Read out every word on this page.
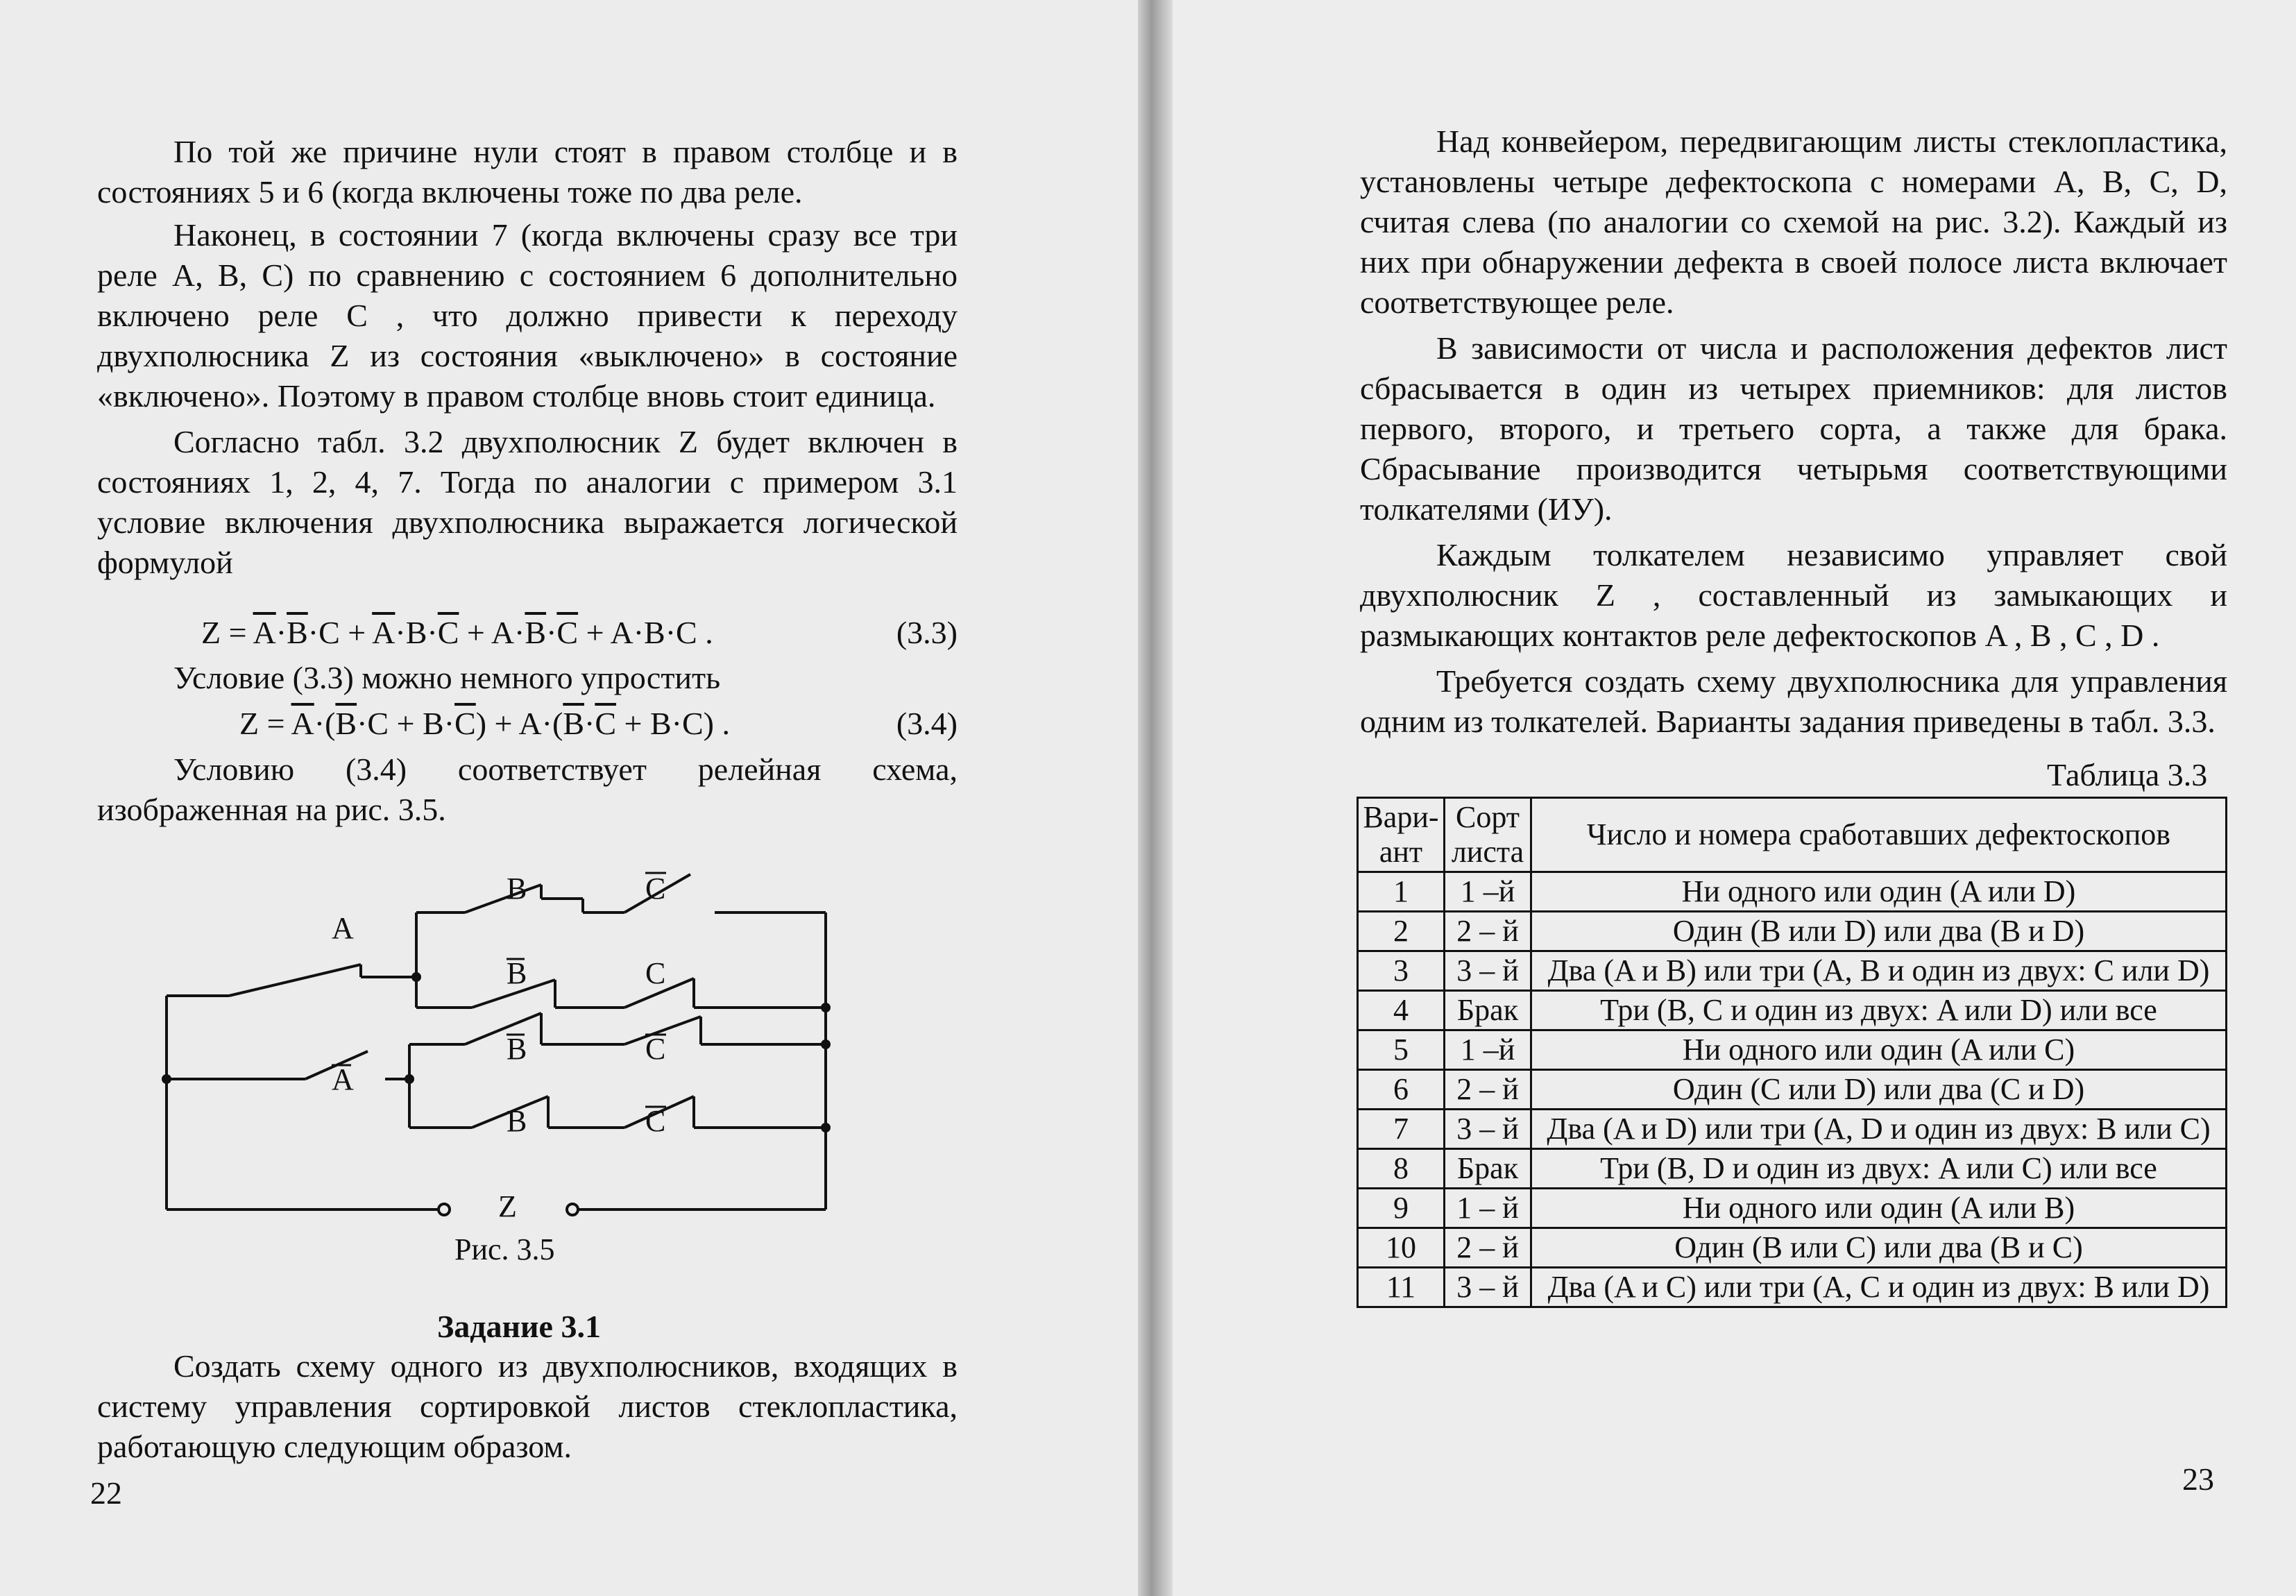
По той же причине нули стоят в правом столбце и в состояниях 5 и 6 (когда включены тоже по два реле.

Наконец, в состоянии 7 (когда включены сразу все три реле A, B, C) по сравнению с состоянием 6 дополнительно включено реле C , что должно привести к переходу двухполюсника Z из состояния «выключено» в состояние «включено». Поэтому в правом столбце вновь стоит единица.

Согласно табл. 3.2 двухполюсник Z будет включен в состояниях 1, 2, 4, 7. Тогда по аналогии с примером 3.1 условие включения двухполюсника выражается логической формулой

$Z = \overline{A}\cdot\overline{B}\cdot C + \overline{A}\cdot B\cdot\overline{C} + A\cdot\overline{B}\cdot\overline{C} + A\cdot B\cdot C$ .	(3.3)

Условие (3.3) можно немного упростить

$Z = \overline{A}\cdot(\overline{B}\cdot C + B\cdot\overline{C}) + A\cdot(\overline{B}\cdot\overline{C} + B\cdot C)$ .	(3.4)

Условию (3.4) соответствует релейная схема, изображенная на рис. 3.5.

A
B	C
B	C
B	C
A
B	C
Z
Рис. 3.5
Задание 3.1

Создать схему одного из двухполюсников, входящих в систему управления сортировкой листов стеклопластика, работающую следующим образом.

22

Над конвейером, передвигающим листы стеклопластика, установлены четыре дефектоскопа с номерами A, B, C, D, считая слева (по аналогии со схемой на рис. 3.2). Каждый из них при обнаружении дефекта в своей полосе листа включает соответствующее реле.

В зависимости от числа и расположения дефектов лист сбрасывается в один из четырех приемников: для листов первого, второго, и третьего сорта, а также для брака. Сбрасывание производится четырьмя соответствующими толкателями (ИУ).

Каждым толкателем независимо управляет свой двухполюсник Z , составленный из замыкающих и размыкающих контактов реле дефектоскопов A , B , C , D .

Требуется создать схему двухполюсника для управления одним из толкателей. Варианты задания приведены в табл. 3.3.

Таблица 3.3
Вари-ант	Сорт листа	Число и номера сработавших дефектоскопов
1	1 –й	Ни одного или один (A или D)
2	2 – й	Один (B или D) или два (B и D)
3	3 – й	Два (A и B) или три (A, B и один из двух: C или D)
4	Брак	Три (B, C и один из двух: A или D) или все
5	1 –й	Ни одного или один (A или C)
6	2 – й	Один (C или D) или два (C и D)
7	3 – й	Два (A и D) или три (A, D и один из двух: B или C)
8	Брак	Три (B, D и один из двух: A или C) или все
9	1 – й	Ни одного или один (A или B)
10	2 – й	Один (B или C) или два (B и C)
11	3 – й	Два (A и C) или три (A, C и один из двух: B или D)
23
